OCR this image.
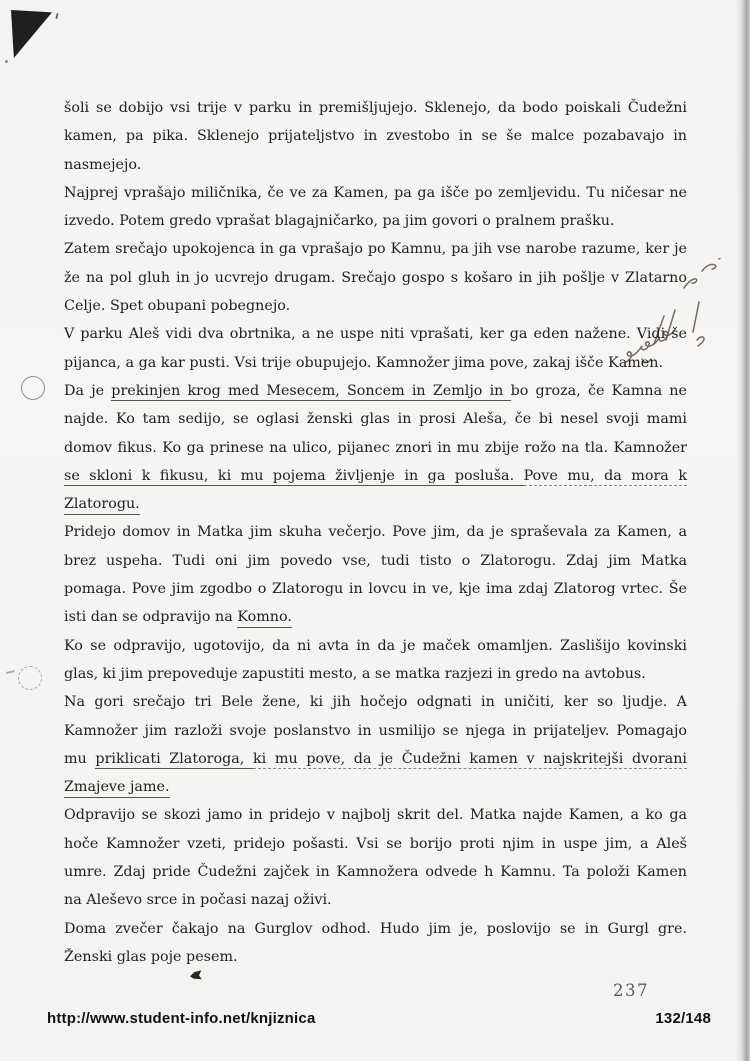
šoli se dobijo vsi trije v parku in premišljujejo. Sklenejo, da bodo poiskali Čudežni
kamen, pa pika. Sklenejo prijateljstvo in zvestobo in se še malce pozabavajo in
nasmejejo.
Najprej vprašajo miličnika, če ve za Kamen, pa ga išče po zemljevidu. Tu ničesar ne
izvedo. Potem gredo vprašat blagajničarko, pa jim govori o pralnem prašku.
Zatem srečajo upokojenca in ga vprašajo po Kamnu, pa jih vse narobe razume, ker je
že na pol gluh in jo ucvrejo drugam. Srečajo gospo s košaro in jih pošlje v Zlatarno
Celje. Spet obupani pobegnejo.
V parku Aleš vidi dva obrtnika, a ne uspe niti vprašati, ker ga eden nažene. Vidi še
pijanca, a ga kar pusti. Vsi trije obupujejo. Kamnožer jima pove, zakaj išče Kamen.
Da je prekinjen krog med Mesecem, Soncem in Zemljo in bo groza, če Kamna ne
najde. Ko tam sedijo, se oglasi ženski glas in prosi Aleša, če bi nesel svoji mami
domov fikus. Ko ga prinese na ulico, pijanec znori in mu zbije rožo na tla. Kamnožer
se skloni k fikusu, ki mu pojema življenje in ga posluša. Pove mu, da mora k
Zlatorogu.
Pridejo domov in Matka jim skuha večerjo. Pove jim, da je spraševala za Kamen, a
brez uspeha. Tudi oni jim povedo vse, tudi tisto o Zlatorogu. Zdaj jim Matka
pomaga. Pove jim zgodbo o Zlatorogu in lovcu in ve, kje ima zdaj Zlatorog vrtec. Še
isti dan se odpravijo na Komno.
Ko se odpravijo, ugotovijo, da ni avta in da je maček omamljen. Zaslišijo kovinski
glas, ki jim prepoveduje zapustiti mesto, a se matka razjezi in gredo na avtobus.
Na gori srečajo tri Bele žene, ki jih hočejo odgnati in uničiti, ker so ljudje. A
Kamnožer jim razloži svoje poslanstvo in usmilijo se njega in prijateljev. Pomagajo
mu priklicati Zlatoroga, ki mu pove, da je Čudežni kamen v najskritejši dvorani
Zmajeve jame.
Odpravijo se skozi jamo in pridejo v najbolj skrit del. Matka najde Kamen, a ko ga
hoče Kamnožer vzeti, pridejo pošasti. Vsi se borijo proti njim in uspe jim, a Aleš
umre. Zdaj pride Čudežni zajček in Kamnožera odvede h Kamnu. Ta položi Kamen
na Aleševo srce in počasi nazaj oživi.
Doma zvečer čakajo na Gurglov odhod. Hudo jim je, poslovijo se in Gurgl gre.
Ženski glas poje pesem.
237
http://www.student-info.net/knjiznica	132/148
